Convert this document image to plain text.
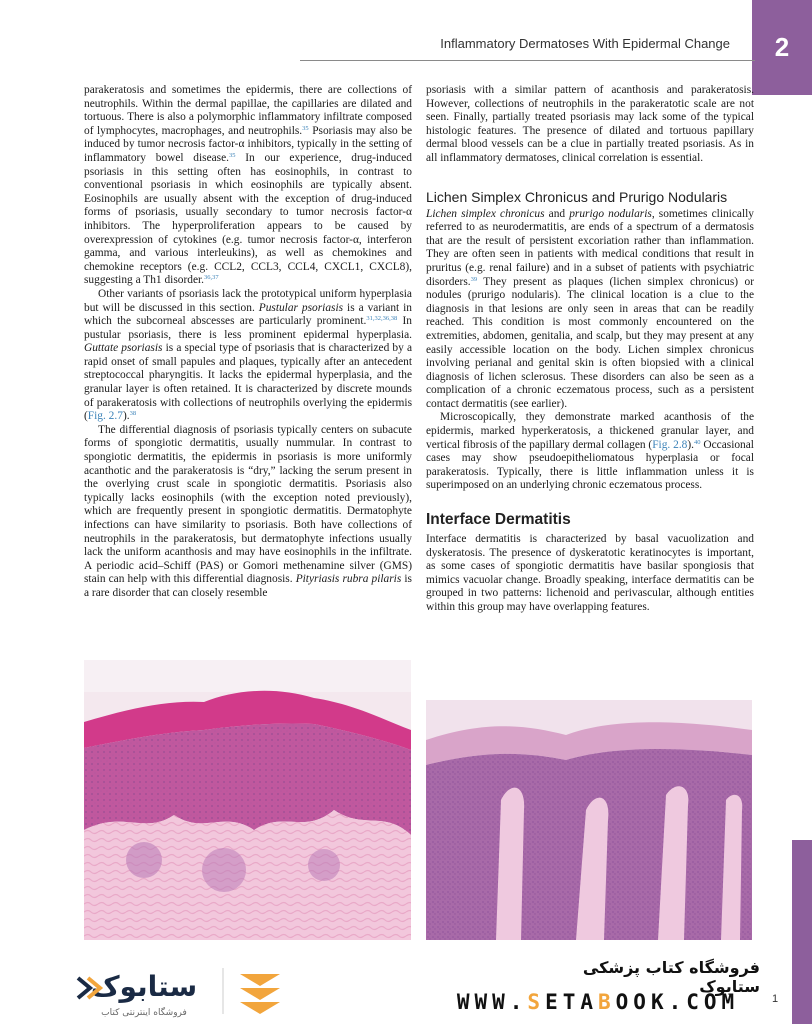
2
Inflammatory Dermatoses With Epidermal Change

parakeratosis and sometimes the epidermis, there are collections of neutrophils. Within the dermal papillae, the capillaries are dilated and tortuous. There is also a polymorphic inflammatory infiltrate composed of lymphocytes, macrophages, and neutrophils.$^{35}$ Psoriasis may also be induced by tumor necrosis factor-α inhibitors, typically in the setting of inflammatory bowel disease.$^{35}$ In our experience, drug-induced psoriasis in this setting often has eosinophils, in contrast to conventional psoriasis in which eosinophils are typically absent. Eosinophils are usually absent with the exception of drug-induced forms of psoriasis, usually secondary to tumor necrosis factor-α inhibitors. The hyperproliferation appears to be caused by overexpression of cytokines (e.g. tumor necrosis factor-α, interferon gamma, and various interleukins), as well as chemokines and chemokine receptors (e.g. CCL2, CCL3, CCL4, CXCL1, CXCL8), suggesting a Th1 disorder.$^{36,37}$

Other variants of psoriasis lack the prototypical uniform hyperplasia but will be discussed in this section. Pustular psoriasis is a variant in which the subcorneal abscesses are particularly prominent.$^{31,32,36,38}$ In pustular psoriasis, there is less prominent epidermal hyperplasia. Guttate psoriasis is a special type of psoriasis that is characterized by a rapid onset of small papules and plaques, typically after an antecedent streptococcal pharyngitis. It lacks the epidermal hyperplasia, and the granular layer is often retained. It is characterized by discrete mounds of parakeratosis with collections of neutrophils overlying the epidermis (Fig. 2.7).$^{38}$

The differential diagnosis of psoriasis typically centers on subacute forms of spongiotic dermatitis, usually nummular. In contrast to spongiotic dermatitis, the epidermis in psoriasis is more uniformly acanthotic and the parakeratosis is “dry,” lacking the serum present in the overlying crust scale in spongiotic dermatitis. Psoriasis also typically lacks eosinophils (with the exception noted previously), which are frequently present in spongiotic dermatitis. Dermatophyte infections can have similarity to psoriasis. Both have collections of neutrophils in the parakeratosis, but dermatophyte infections usually lack the uniform acanthosis and may have eosinophils in the infiltrate. A periodic acid–Schiff (PAS) or Gomori methenamine silver (GMS) stain can help with this differential diagnosis. Pityriasis rubra pilaris is a rare disorder that can closely resemble

psoriasis with a similar pattern of acanthosis and parakeratosis. However, collections of neutrophils in the parakeratotic scale are not seen. Finally, partially treated psoriasis may lack some of the typical histologic features. The presence of dilated and tortuous papillary dermal blood vessels can be a clue in partially treated psoriasis. As in all inflammatory dermatoses, clinical correlation is essential.

Lichen Simplex Chronicus and Prurigo Nodularis

Lichen simplex chronicus and prurigo nodularis, sometimes clinically referred to as neurodermatitis, are ends of a spectrum of a dermatosis that are the result of persistent excoriation rather than inflammation. They are often seen in patients with medical conditions that result in pruritus (e.g. renal failure) and in a subset of patients with psychiatric disorders.$^{39}$ They present as plaques (lichen simplex chronicus) or nodules (prurigo nodularis). The clinical location is a clue to the diagnosis in that lesions are only seen in areas that can be readily reached. This condition is most commonly encountered on the extremities, abdomen, genitalia, and scalp, but they may present at any easily accessible location on the body. Lichen simplex chronicus involving perianal and genital skin is often biopsied with a clinical diagnosis of lichen sclerosus. These disorders can also be seen as a complication of a chronic eczematous process, such as a persistent contact dermatitis (see earlier).

Microscopically, they demonstrate marked acanthosis of the epidermis, marked hyperkeratosis, a thickened granular layer, and vertical fibrosis of the papillary dermal collagen (Fig. 2.8).$^{40}$ Occasional cases may show pseudoepitheliomatous hyperplasia or focal parakeratosis. Typically, there is little inflammation unless it is superimposed on an underlying chronic eczematous process.

Interface Dermatitis

Interface dermatitis is characterized by basal vacuolization and dyskeratosis. The presence of dyskeratotic keratinocytes is important, as some cases of spongiotic dermatitis have basilar spongiosis that mimics vacuolar change. Broadly speaking, interface dermatitis can be grouped in two patterns: lichenoid and perivascular, although entities within this group may have overlapping features.

ستابوک
فروشگاه اینترنتی کتاب
فروشگاه کتاب پزشکی ستابوک
WWW.SETABOOK.COM	1
